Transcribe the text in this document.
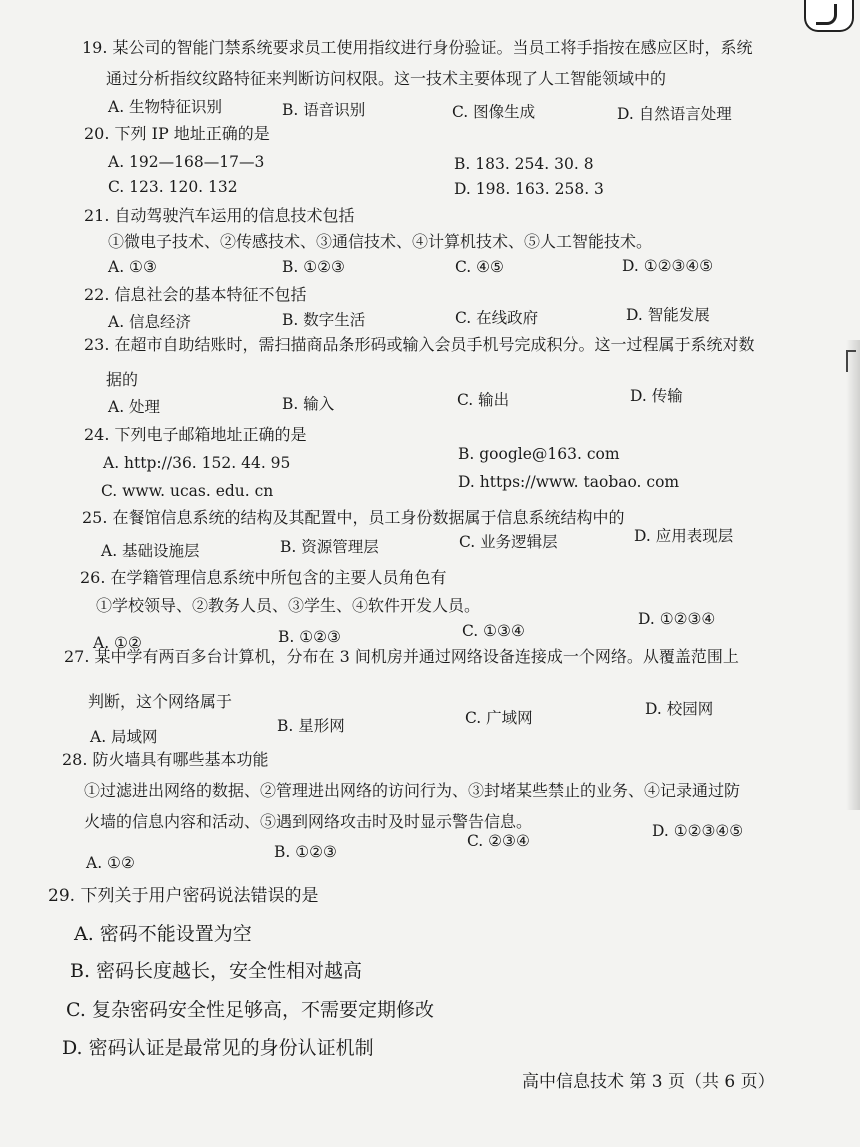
19. 某公司的智能门禁系统要求员工使用指纹进行身份验证。当员工将手指按在感应区时，系统
通过分析指纹纹路特征来判断访问权限。这一技术主要体现了人工智能领域中的
A. 生物特征识别	B. 语音识别	C. 图像生成	D. 自然语言处理
20. 下列 IP 地址正确的是
A. 192—168—17—3	B. 183. 254. 30. 8
C. 123. 120. 132	D. 198. 163. 258. 3
21. 自动驾驶汽车运用的信息技术包括
①微电子技术、②传感技术、③通信技术、④计算机技术、⑤人工智能技术。
A. ①③	B. ①②③	C. ④⑤	D. ①②③④⑤
22. 信息社会的基本特征不包括
A. 信息经济	B. 数字生活	C. 在线政府	D. 智能发展
23. 在超市自助结账时，需扫描商品条形码或输入会员手机号完成积分。这一过程属于系统对数
据的
A. 处理	B. 输入	C. 输出	D. 传输
24. 下列电子邮箱地址正确的是
A. http://36. 152. 44. 95	B. google@163. com
C. www. ucas. edu. cn	D. https://www. taobao. com
25. 在餐馆信息系统的结构及其配置中，员工身份数据属于信息系统结构中的
A. 基础设施层	B. 资源管理层	C. 业务逻辑层	D. 应用表现层
26. 在学籍管理信息系统中所包含的主要人员角色有
①学校领导、②教务人员、③学生、④软件开发人员。
A. ①②	B. ①②③	C. ①③④
D. ①②③④
27. 某中学有两百多台计算机，分布在 3 间机房并通过网络设备连接成一个网络。从覆盖范围上
判断，这个网络属于
A. 局域网
B. 星形网	C. 广域网	D. 校园网
28. 防火墙具有哪些基本功能
①过滤进出网络的数据、②管理进出网络的访问行为、③封堵某些禁止的业务、④记录通过防
火墙的信息内容和活动、⑤遇到网络攻击时及时显示警告信息。
A. ①②
B. ①②③
C. ②③④
D. ①②③④⑤
29. 下列关于用户密码说法错误的是
A. 密码不能设置为空
B. 密码长度越长，安全性相对越高
C. 复杂密码安全性足够高，不需要定期修改
D. 密码认证是最常见的身份认证机制
高中信息技术 第 3 页（共 6 页）
